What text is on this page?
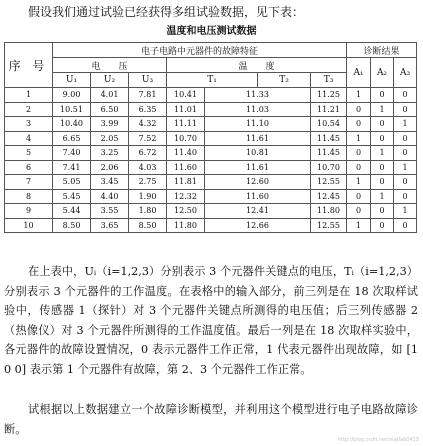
假设我们通过试验已经获得多组试验数据，见下表：
温度和电压测试数据
序 号	电子电路中元器件的故障特征							诊断结果		
	电　　压			温　　度				A₁	A₂	A₃
	U₁	U₂	U₃	T₁		T₂	T₃			
1	9.00	4.01	7.81	10.41	11.33		11.25	1	0	0
2	10.51	6.50	6.35	11.01	11.03		11.21	0	1	0
3	10.40	3.99	4.32	11.11	11.10		10.54	0	0	1
4	6.65	2.05	7.52	10.70	11.61		11.45	1	0	0
5	7.40	3.25	6.72	11.40	10.81		11.45	0	1	0
6	7.41	2.06	4.03	11.60	11.61		10.70	0	0	1
7	5.05	3.45	2.75	11.81	12.60		12.55	1	0	0
8	5.45	4.40	1.90	12.32	11.60		12.45	0	1	0
9	5.44	3.55	1.80	12.50	12.41		11.80	0	0	1
10	8.50	3.65	8.50	11.80	12.66		12.55	1	0	0

在上表中，Uᵢ（i=1,2,3）分别表示 3 个元器件关键点的电压，Tᵢ（i=1,2,3）分别表示 3 个元器件的工作温度。在表格中的输入部分，前三列是在 18 次取样试验中，传感器 1（探针）对 3 个元器件关键点所测得的电压值；后三列传感器 2（热像仪）对 3 个元器件所测得的工作温度值。最后一列是在 18 次取样实验中，各元器件的故障设置情况，0 表示元器件工作正常，1 代表元器件出现故障，如 [1 0 0] 表示第 1 个元器件有故障，第 2、3 个元器件工作正常。

试根据以上数据建立一个故障诊断模型，并利用这个模型进行电子电路故障诊断。

http://blog.csdn.net/matlab0419
